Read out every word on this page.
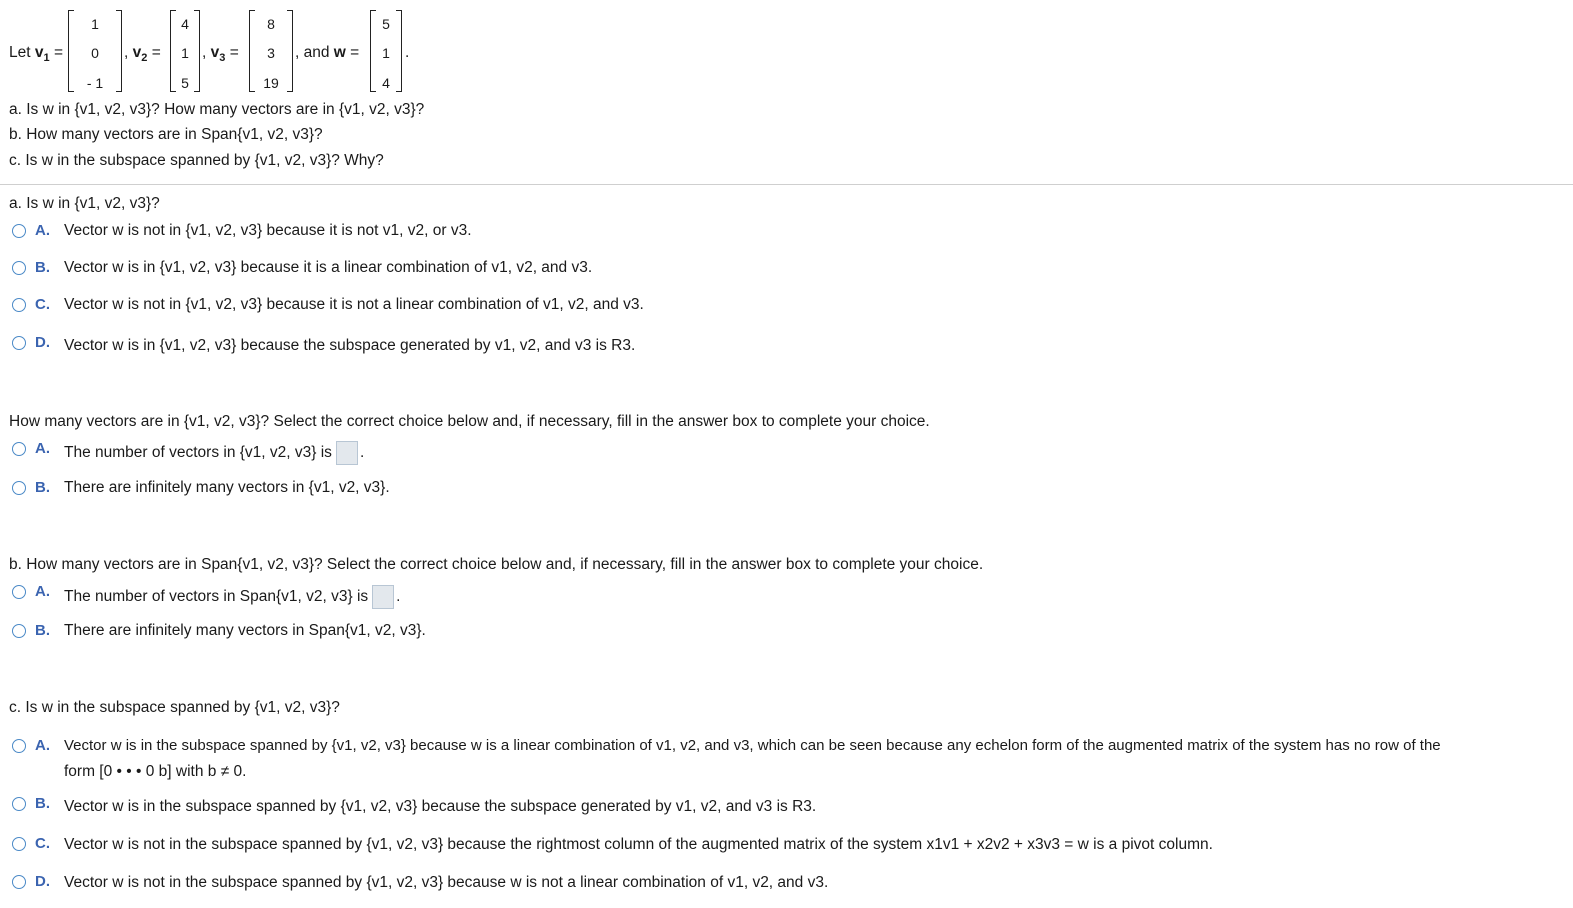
Let $v_1$ =
1
0
- 1
, $v_2$ =
4
1
5
, $v_3$ =
8
3
19
, and w =
5
1
4
.
a. Is w in {v1, v2, v3}? How many vectors are in {v1, v2, v3}?
b. How many vectors are in Span{v1, v2, v3}?
c. Is w in the subspace spanned by {v1, v2, v3}? Why?
a. Is w in {v1, v2, v3}?
A. Vector w is not in {v1, v2, v3} because it is not v1, v2, or v3.
B. Vector w is in {v1, v2, v3} because it is a linear combination of v1, v2, and v3.
C. Vector w is not in {v1, v2, v3} because it is not a linear combination of v1, v2, and v3.
D. Vector w is in {v1, v2, v3} because the subspace generated by v1, v2, and v3 is R3.
How many vectors are in {v1, v2, v3}? Select the correct choice below and, if necessary, fill in the answer box to complete your choice.
A. The number of vectors in {v1, v2, v3} is .
B. There are infinitely many vectors in {v1, v2, v3}.
b. How many vectors are in Span{v1, v2, v3}? Select the correct choice below and, if necessary, fill in the answer box to complete your choice.
A. The number of vectors in Span{v1, v2, v3} is .
B. There are infinitely many vectors in Span{v1, v2, v3}.
c. Is w in the subspace spanned by {v1, v2, v3}?
A. Vector w is in the subspace spanned by {v1, v2, v3} because w is a linear combination of v1, v2, and v3, which can be seen because any echelon form of the augmented matrix of the system has no row of the
form [0 • • • 0 b] with b ≠ 0.
B. Vector w is in the subspace spanned by {v1, v2, v3} because the subspace generated by v1, v2, and v3 is R3.
C. Vector w is not in the subspace spanned by {v1, v2, v3} because the rightmost column of the augmented matrix of the system x1v1 + x2v2 + x3v3 = w is a pivot column.
D. Vector w is not in the subspace spanned by {v1, v2, v3} because w is not a linear combination of v1, v2, and v3.
